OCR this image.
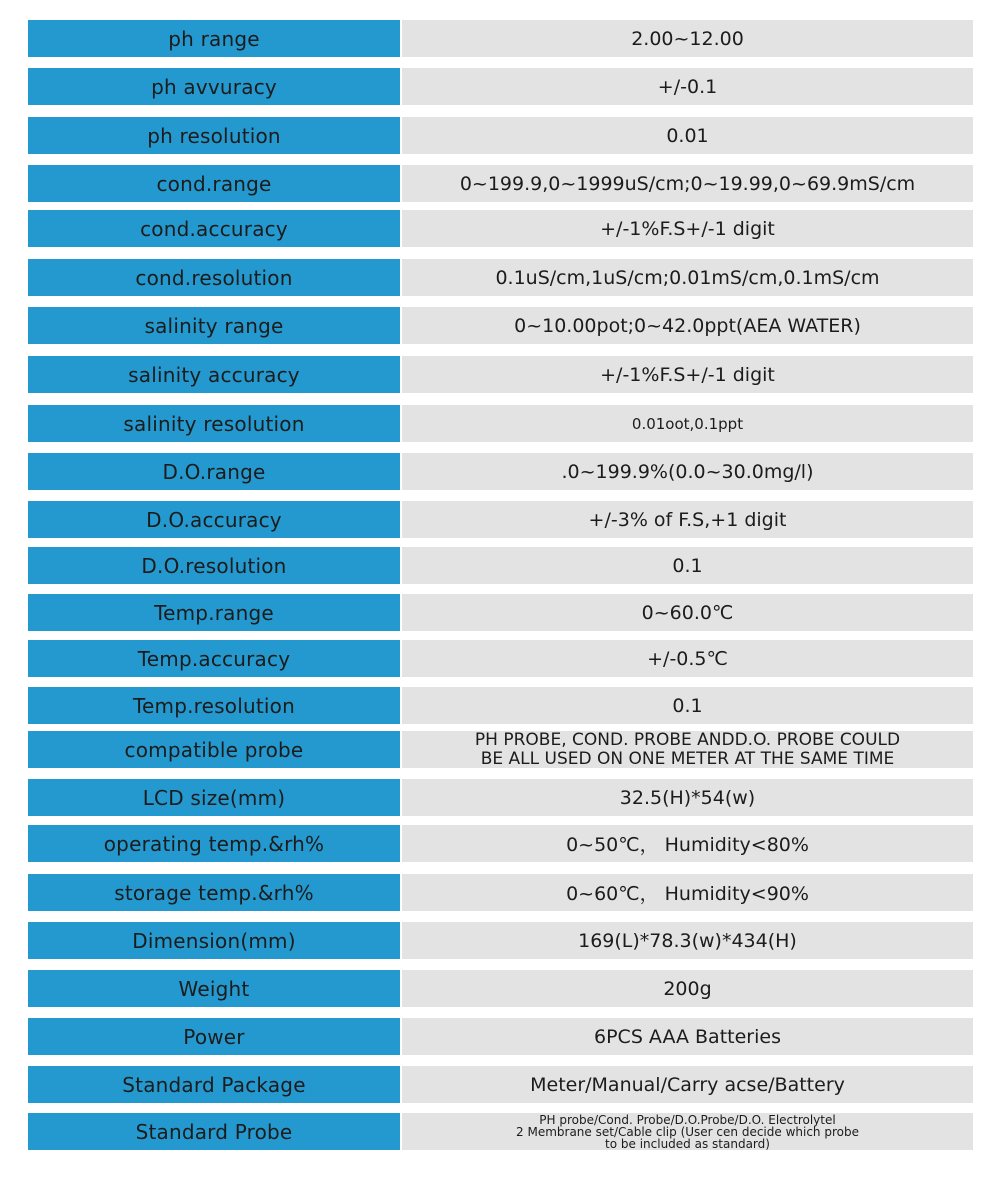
ph range	2.00~12.00
ph avvuracy	+/-0.1
ph resolution	0.01
cond.range	0~199.9,0~1999uS/cm;0~19.99,0~69.9mS/cm
cond.accuracy	+/-1%F.S+/-1 digit
cond.resolution	0.1uS/cm,1uS/cm;0.01mS/cm,0.1mS/cm
salinity range	0~10.00pot;0~42.0ppt(AEA WATER)
salinity accuracy	+/-1%F.S+/-1 digit
salinity resolution	0.01oot,0.1ppt
D.O.range	.0~199.9%(0.0~30.0mg/l)
D.O.accuracy	+/-3% of F.S,+1 digit
D.O.resolution	0.1
Temp.range	0~60.0℃
Temp.accuracy	+/-0.5℃
Temp.resolution	0.1
compatible probe	PH PROBE, COND. PROBE ANDD.O. PROBE COULD
BE ALL USED ON ONE METER AT THE SAME TIME
LCD size(mm)	32.5(H)*54(w)
operating temp.&rh%	0~50℃， Humidity<80%
storage temp.&rh%	0~60℃， Humidity<90%
Dimension(mm)	169(L)*78.3(w)*434(H)
Weight	200g
Power	6PCS AAA Batteries
Standard Package	Meter/Manual/Carry acse/Battery
Standard Probe	PH probe/Cond. Probe/D.O.Probe/D.O. Electrolytel
2 Membrane set/Cable clip (User cen decide which probe
to be included as standard)
